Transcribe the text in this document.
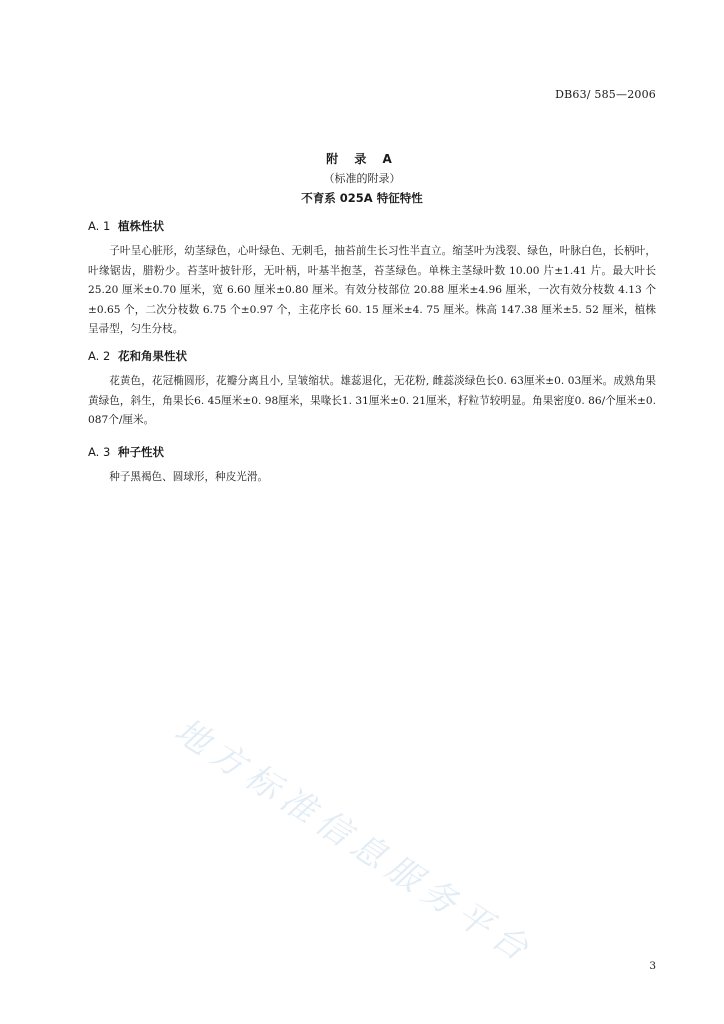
DB63/ 585—2006
附 录 A
（标准的附录）
不育系 025A 特征特性
A. 1 植株性状
子叶呈心脏形，幼茎绿色，心叶绿色、无刺毛，抽苔前生长习性半直立。缩茎叶为浅裂、绿色，叶脉白色，长柄叶，叶缘锯齿，腊粉少。苔茎叶披针形，无叶柄，叶基半抱茎，苔茎绿色。单株主茎绿叶数 10.00 片±1.41 片。最大叶长 25.20 厘米±0.70 厘米，宽 6.60 厘米±0.80 厘米。有效分枝部位 20.88 厘米±4.96 厘米，一次有效分枝数 4.13 个±0.65 个，二次分枝数 6.75 个±0.97 个，主花序长 60. 15 厘米±4. 75 厘米。株高 147.38 厘米±5. 52 厘米，植株呈帚型，匀生分枝。
A. 2 花和角果性状
花黄色，花冠椭圆形，花瓣分离且小, 呈皱缩状。雄蕊退化，无花粉, 雌蕊淡绿色长0. 63厘米±0. 03厘米。成熟角果黄绿色，斜生，角果长6. 45厘米±0. 98厘米，果喙长1. 31厘米±0. 21厘米，籽粒节较明显。角果密度0. 86/个厘米±0. 087个/厘米。
A. 3 种子性状
种子黑褐色、圆球形，种皮光滑。
地方标准信息服务平台	3
